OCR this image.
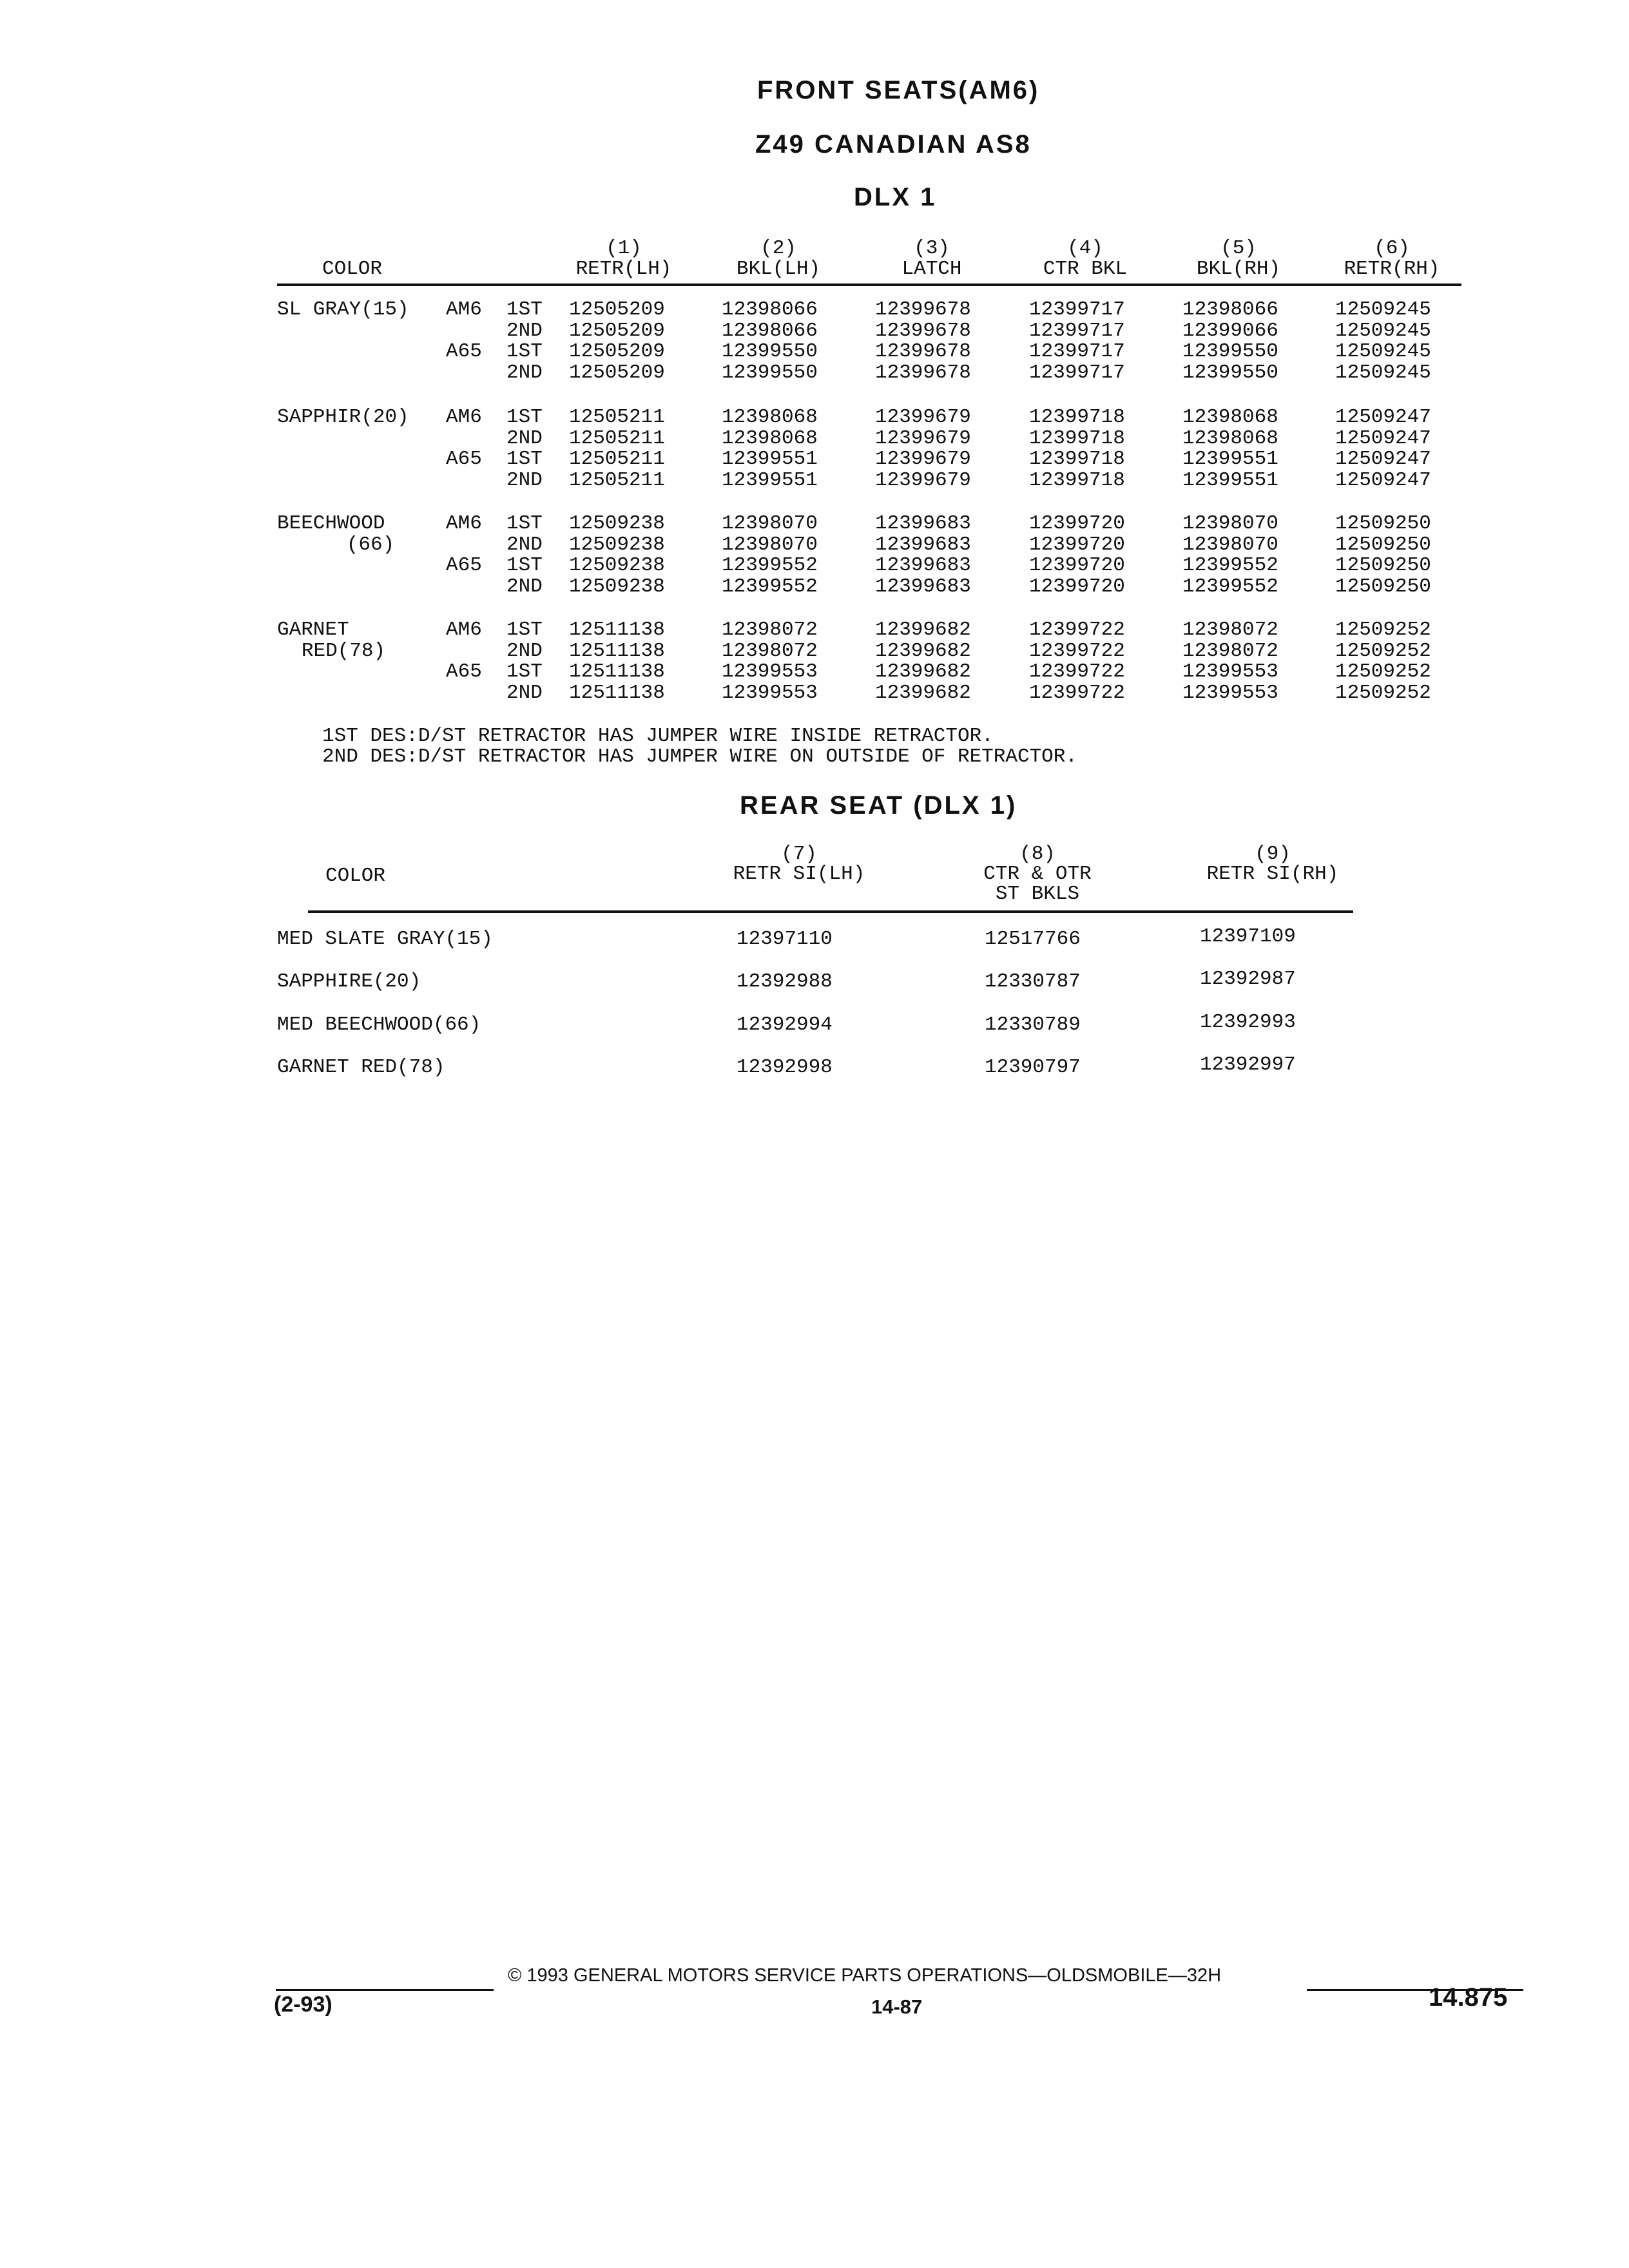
FRONT SEATS(AM6)
Z49 CANADIAN AS8
DLX 1
COLOR
(1)
RETR(LH)
(2)
BKL(LH)
(3)
LATCH
(4)
CTR BKL
(5)
BKL(RH)
(6)
RETR(RH)
SL GRAY(15) AM6 1ST 12505209	12398066	12399678	12399717	12398066	12509245
2ND 12505209	12398066	12399678	12399717	12399066	12509245
A65 1ST 12505209	12399550	12399678	12399717	12399550	12509245
2ND 12505209	12399550	12399678	12399717	12399550	12509245
SAPPHIR(20) AM6 1ST 12505211	12398068	12399679	12399718	12398068	12509247
2ND 12505211	12398068	12399679	12399718	12398068	12509247
A65 1ST 12505211	12399551	12399679	12399718	12399551	12509247
2ND 12505211	12399551	12399679	12399718	12399551	12509247
BEECHWOOD
(66)
AM6 1ST 12509238	12398070	12399683	12399720	12398070	12509250
2ND 12509238	12398070	12399683	12399720	12398070	12509250
A65 1ST 12509238	12399552	12399683	12399720	12399552	12509250
2ND 12509238	12399552	12399683	12399720	12399552	12509250
GARNET
RED(78)
AM6 1ST 12511138	12398072	12399682	12399722	12398072	12509252
2ND 12511138	12398072	12399682	12399722	12398072	12509252
A65 1ST 12511138	12399553	12399682	12399722	12399553	12509252
2ND 12511138	12399553	12399682	12399722	12399553	12509252
1ST DES:D/ST RETRACTOR HAS JUMPER WIRE INSIDE RETRACTOR.
2ND DES:D/ST RETRACTOR HAS JUMPER WIRE ON OUTSIDE OF RETRACTOR.
REAR SEAT (DLX 1)
COLOR
(7)
RETR SI(LH)
(8)
CTR & OTR
ST BKLS
(9)
RETR SI(RH)
MED SLATE GRAY(15)	12397110	12517766	12397109
SAPPHIRE(20)	12392988	12330787	12392987
MED BEECHWOOD(66)	12392994	12330789	12392993
GARNET RED(78)	12392998	12390797	12392997
© 1993 GENERAL MOTORS SERVICE PARTS OPERATIONS—OLDSMOBILE—32H
(2-93)	14-87	14.875
